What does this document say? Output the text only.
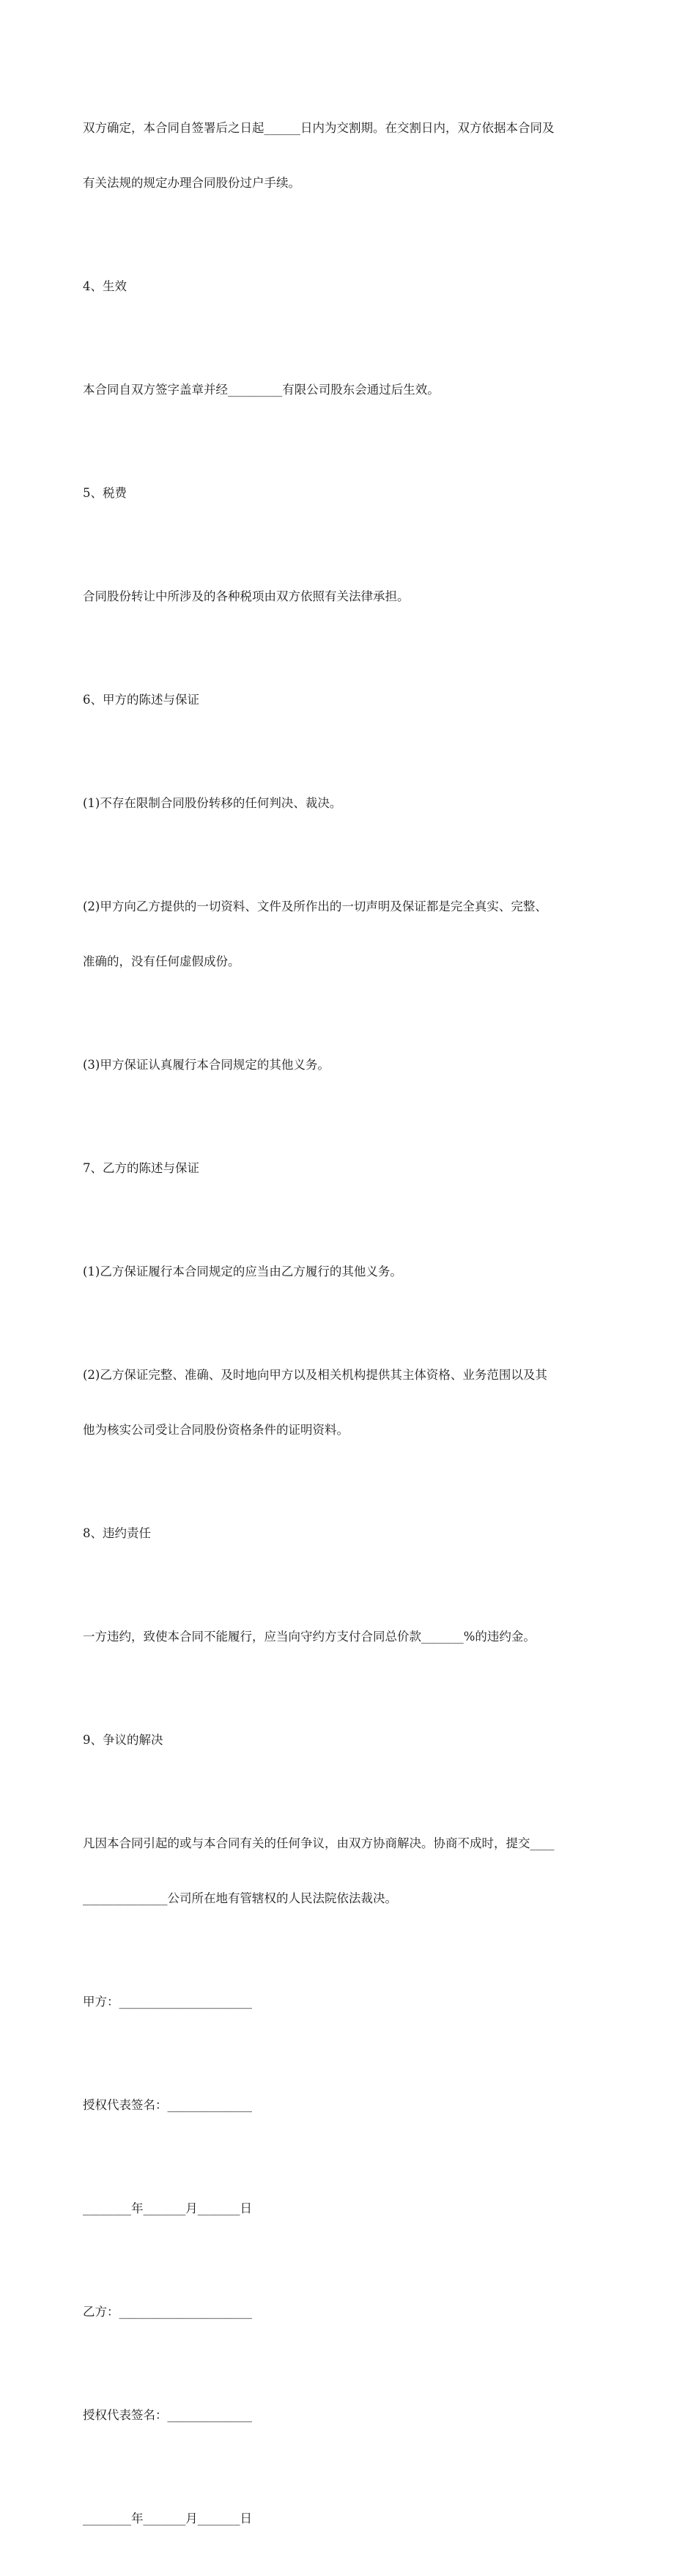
双方确定，本合同自签署后之日起______日内为交割期。在交割日内，双方依据本合同及

有关法规的规定办理合同股份过户手续。

4、生效

本合同自双方签字盖章并经_________有限公司股东会通过后生效。

5、税费

合同股份转让中所涉及的各种税项由双方依照有关法律承担。

6、甲方的陈述与保证

(1)不存在限制合同股份转移的任何判决、裁决。

(2)甲方向乙方提供的一切资料、文件及所作出的一切声明及保证都是完全真实、完整、

准确的，没有任何虚假成份。

(3)甲方保证认真履行本合同规定的其他义务。

7、乙方的陈述与保证

(1)乙方保证履行本合同规定的应当由乙方履行的其他义务。

(2)乙方保证完整、准确、及时地向甲方以及相关机构提供其主体资格、业务范围以及其

他为核实公司受让合同股份资格条件的证明资料。

8、违约责任

一方违约，致使本合同不能履行，应当向守约方支付合同总价款_______%的违约金。

9、争议的解决

凡因本合同引起的或与本合同有关的任何争议，由双方协商解决。协商不成时，提交____

______________公司所在地有管辖权的人民法院依法裁决。

甲方：______________________

授权代表签名：______________

________年_______月_______日

乙方：______________________

授权代表签名：______________

________年_______月_______日
